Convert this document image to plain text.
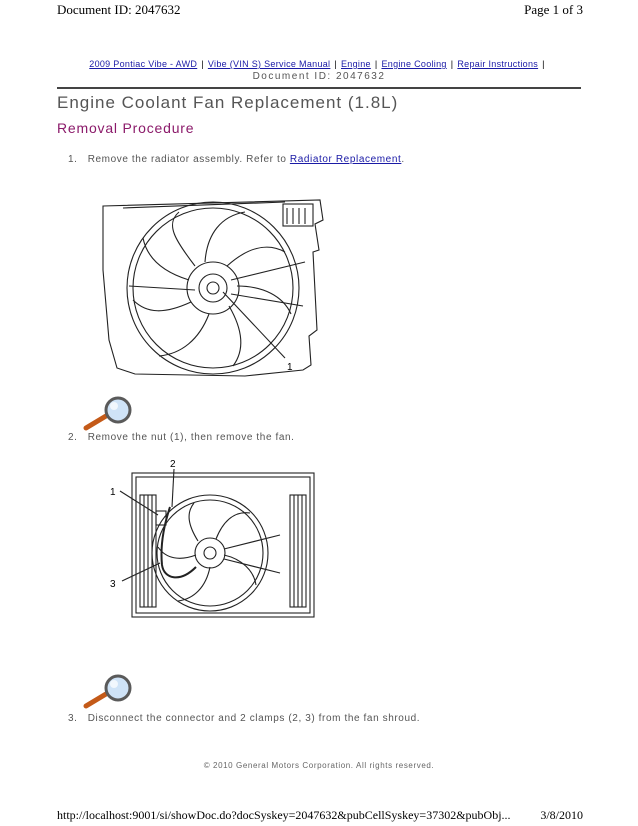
Document ID: 2047632	Page 1 of 3
2009 Pontiac Vibe - AWD | Vibe (VIN S) Service Manual | Engine | Engine Cooling | Repair Instructions |
Document ID: 2047632
Engine Coolant Fan Replacement (1.8L)
Removal Procedure
1. Remove the radiator assembly. Refer to Radiator Replacement.
1
2. Remove the nut (1), then remove the fan.
2
1
3
3. Disconnect the connector and 2 clamps (2, 3) from the fan shroud.
© 2010 General Motors Corporation. All rights reserved.
http://localhost:9001/si/showDoc.do?docSyskey=2047632&pubCellSyskey=37302&pubObj... 3/8/2010
